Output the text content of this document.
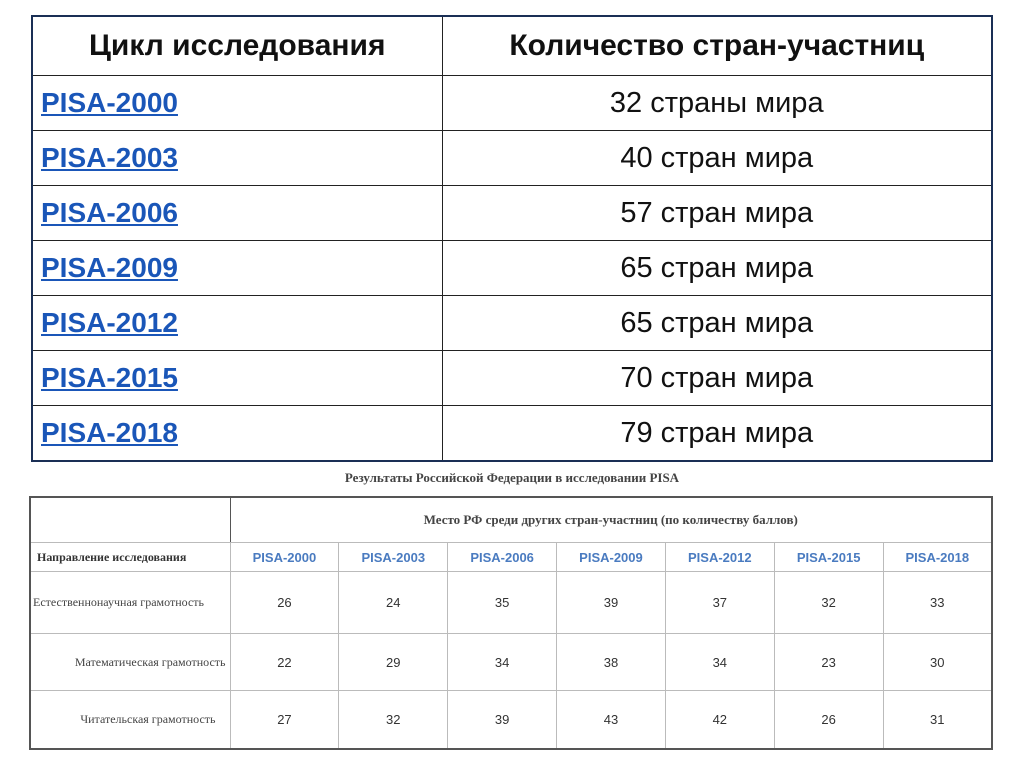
Цикл исследования	Количество стран-участниц
PISA-2000	32 страны мира
PISA-2003	40 стран мира
PISA-2006	57 стран мира
PISA-2009	65 стран мира
PISA-2012	65 стран мира
PISA-2015	70 стран мира
PISA-2018	79 стран мира
Результаты Российской Федерации в исследовании PISA
	Место РФ среди других стран-участниц (по количеству баллов)						
Направление исследования	PISA-2000	PISA-2003	PISA-2006	PISA-2009	PISA-2012	PISA-2015	PISA-2018
Естественнонаучная грамотность	26	24	35	39	37	32	33
Математическая грамотность	22	29	34	38	34	23	30
Читательская грамотность	27	32	39	43	42	26	31
